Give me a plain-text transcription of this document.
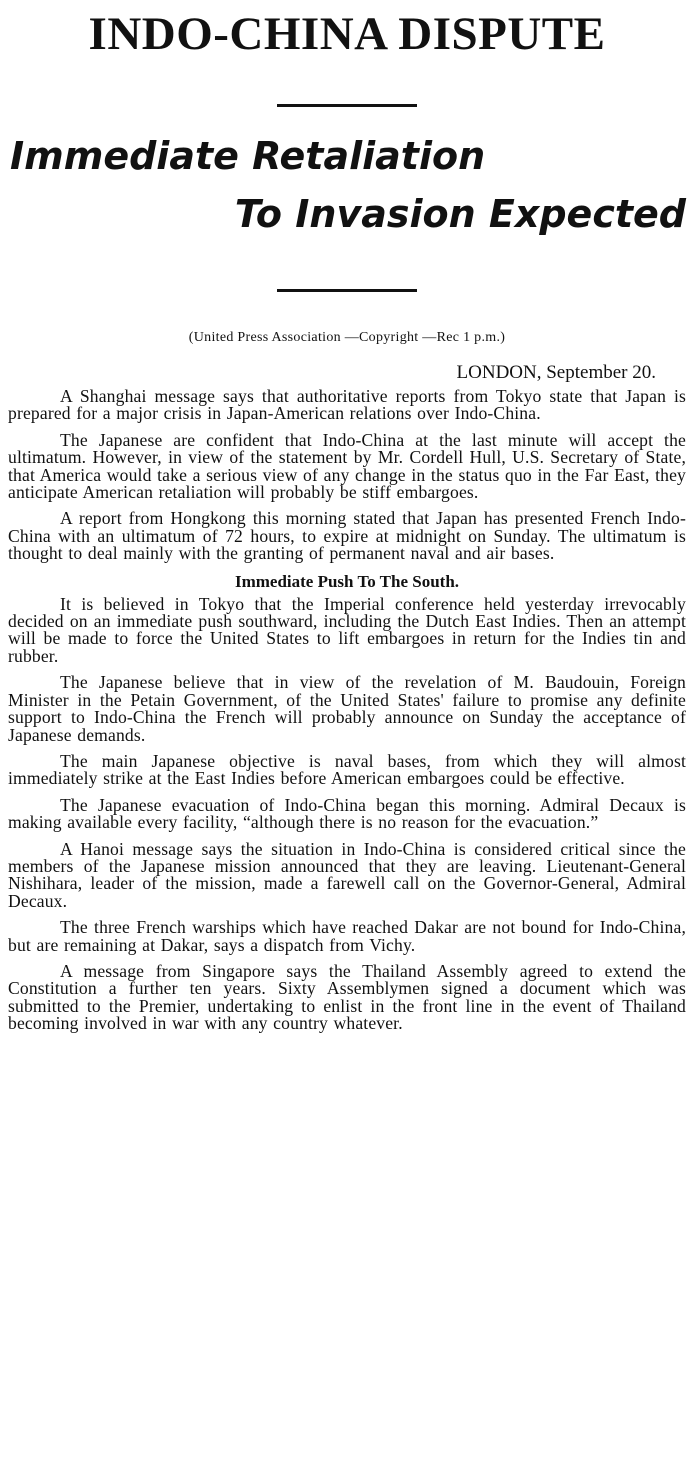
INDO-CHINA DISPUTE

Immediate Retaliation

To Invasion Expected

(United Press Association —Copyright —Rec 1 p.m.)
LONDON, September 20.

A Shanghai message says that authoritative reports from Tokyo state that Japan is prepared for a major crisis in Japan-American relations over Indo-China.

The Japanese are confident that Indo-China at the last minute will accept the ultimatum. However, in view of the statement by Mr. Cordell Hull, U.S. Secretary of State, that America would take a serious view of any change in the status quo in the Far East, they anticipate American retaliation will probably be stiff embargoes.

A report from Hongkong this morning stated that Japan has presented French Indo-China with an ultimatum of 72 hours, to expire at midnight on Sunday. The ultimatum is thought to deal mainly with the granting of permanent naval and air bases.

Immediate Push To The South.

It is believed in Tokyo that the Imperial conference held yesterday irrevocably decided on an immediate push southward, including the Dutch East Indies. Then an attempt will be made to force the United States to lift embargoes in return for the Indies tin and rubber.

The Japanese believe that in view of the revelation of M. Baudouin, Foreign Minister in the Petain Government, of the United States' failure to promise any definite support to Indo-China the French will probably announce on Sunday the acceptance of Japanese demands.

The main Japanese objective is naval bases, from which they will almost immediately strike at the East Indies before American embargoes could be effective.

The Japanese evacuation of Indo-China began this morning. Admiral Decaux is making available every facility, “although there is no reason for the evacuation.”

A Hanoi message says the situation in Indo-China is considered critical since the members of the Japanese mission announced that they are leaving. Lieutenant-General Nishihara, leader of the mission, made a farewell call on the Governor-General, Admiral Decaux.

The three French warships which have reached Dakar are not bound for Indo-China, but are remaining at Dakar, says a dispatch from Vichy.

A message from Singapore says the Thailand Assembly agreed to extend the Constitution a further ten years. Sixty Assemblymen signed a document which was submitted to the Premier, undertaking to enlist in the front line in the event of Thailand becoming involved in war with any country whatever.
